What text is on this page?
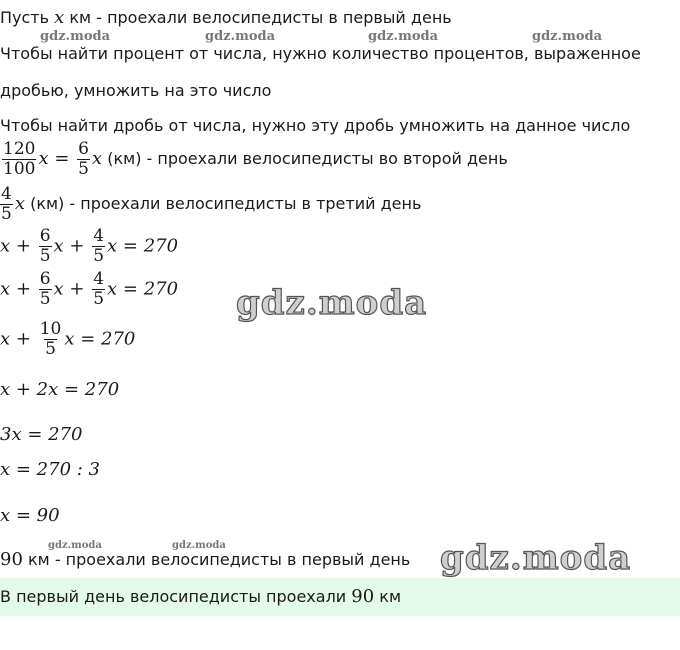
Пусть x км - проехали велосипедисты в первый день
gdz.moda	gdz.moda	gdz.moda	gdz.moda
Чтобы найти процент от числа, нужно количество процентов, выраженное
дробью, умножить на это число
Чтобы найти дробь от числа, нужно эту дробь умножить на данное число
$\frac{120}{100}$ $x = \frac{6}{5}$ x (км) - проехали велосипедисты во второй день
$\frac{4}{5}$ x (км) - проехали велосипедисты в третий день
$x + \frac{6}{5}$ $x + \frac{4}{5}$ x = 270
$x + \frac{6}{5}$ $x + \frac{4}{5}$ x = 270 gdz.moda
$x + \frac{10}{5}$ x = 270
x + 2x = 270
3x = 270
x = 270 : 3
x = 90
gdz.moda	gdz.moda
90 км - проехали велосипедисты в первый день gdz.moda
В первый день велосипедисты проехали 90 км
